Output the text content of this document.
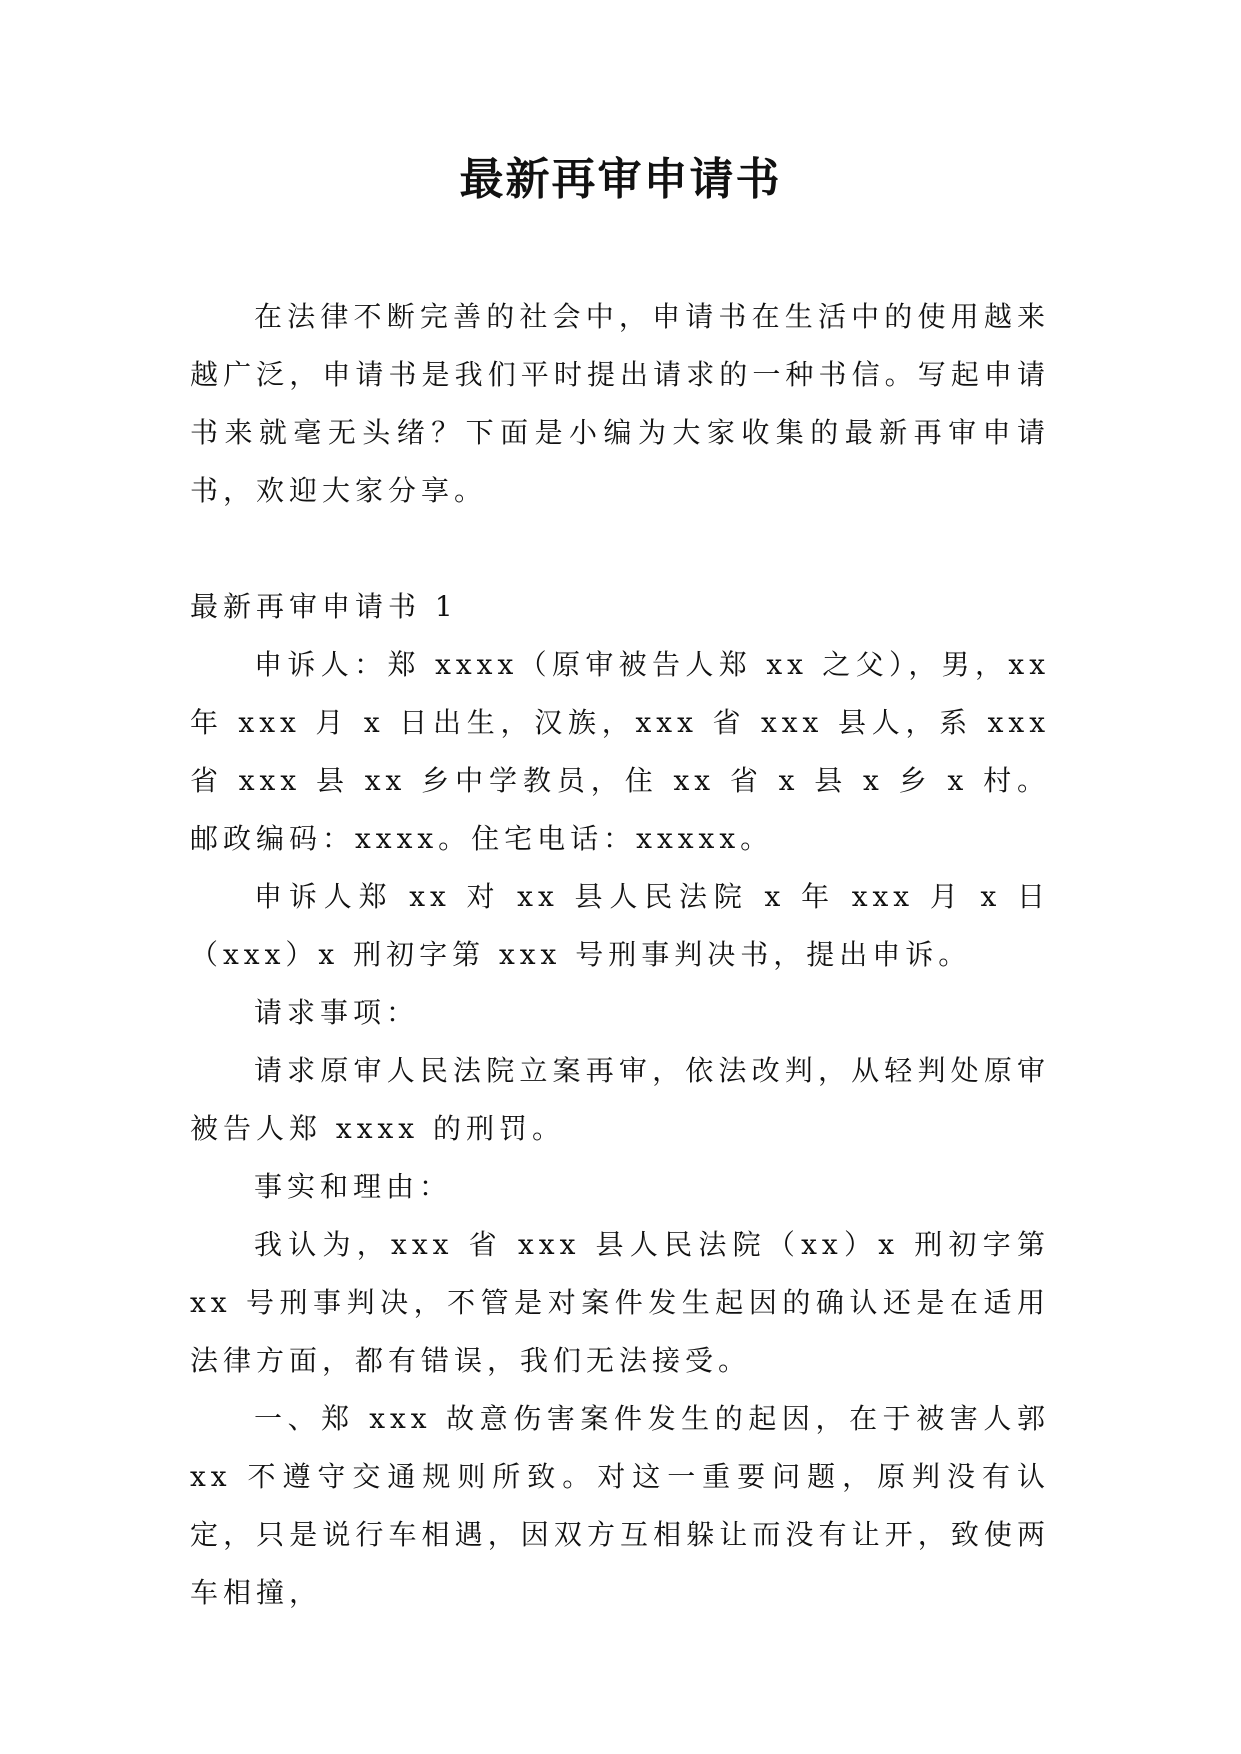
最新再审申请书

在法律不断完善的社会中，申请书在生活中的使用越来越广泛，申请书是我们平时提出请求的一种书信。写起申请书来就毫无头绪？下面是小编为大家收集的最新再审申请书，欢迎大家分享。

最新再审申请书 1

申诉人：郑 xxxx（原审被告人郑 xx 之父），男，xx 年 xxx 月 x 日出生，汉族，xxx 省 xxx 县人，系 xxx 省 xxx 县 xx 乡中学教员，住 xx 省 x 县 x 乡 x 村。邮政编码：xxxx。住宅电话：xxxxx。

申诉人郑 xx 对 xx 县人民法院 x 年 xxx 月 x 日（xxx）x 刑初字第 xxx 号刑事判决书，提出申诉。

请求事项：

请求原审人民法院立案再审，依法改判，从轻判处原审被告人郑 xxxx 的刑罚。

事实和理由：

我认为，xxx 省 xxx 县人民法院（xx）x 刑初字第 xx 号刑事判决，不管是对案件发生起因的确认还是在适用法律方面，都有错误，我们无法接受。

一、郑 xxx 故意伤害案件发生的起因，在于被害人郭 xx 不遵守交通规则所致。对这一重要问题，原判没有认定，只是说行车相遇，因双方互相躲让而没有让开，致使两车相撞，
